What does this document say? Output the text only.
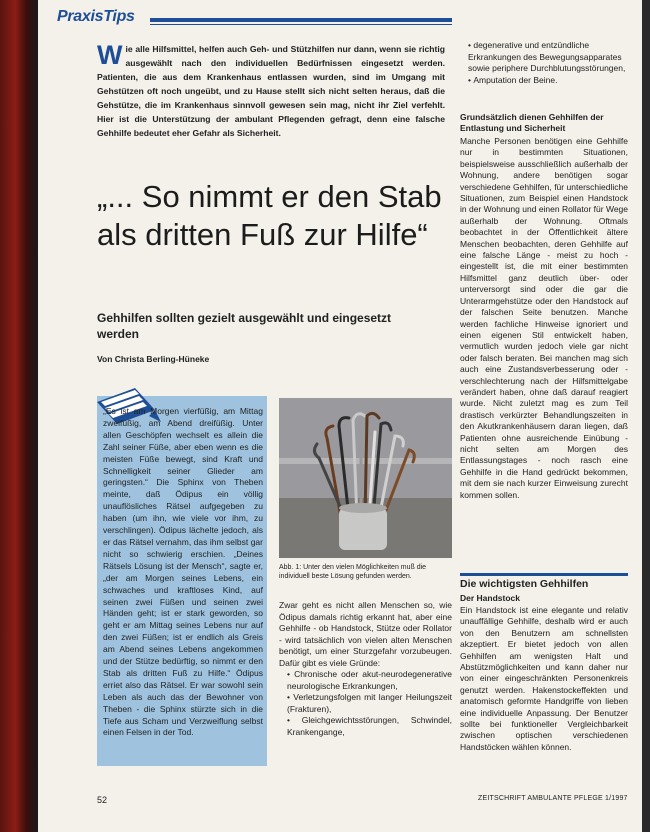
PraxisTips

Wie alle Hilfsmittel, helfen auch Geh- und Stützhilfen nur dann, wenn sie richtig ausgewählt nach den individuellen Bedürfnissen eingesetzt werden. Patienten, die aus dem Krankenhaus entlassen wurden, sind im Umgang mit Gehstützen oft noch ungeübt, und zu Hause stellt sich nicht selten heraus, daß die Gehstütze, die im Krankenhaus sinnvoll gewesen sein mag, nicht ihr Ziel verfehlt. Hier ist die Unterstützung der ambulant Pflegenden gefragt, denn eine falsche Gehhilfe bedeutet eher Gefahr als Sicherheit.

„... So nimmt er den Stab als dritten Fuß zur Hilfe“
Gehhilfen sollten gezielt ausgewählt und eingesetzt werden
Von Christa Berling-Hüneke

„Es ist am Morgen vierfüßig, am Mittag zweifüßig, am Abend dreifüßig. Unter allen Geschöpfen wechselt es allein die Zahl seiner Füße, aber eben wenn es die meisten Füße bewegt, sind Kraft und Schnelligkeit seiner Glieder am geringsten.“ Die Sphinx von Theben meinte, daß Ödipus ein völlig unauflösliches Rätsel aufgegeben zu haben (um ihn, wie viele vor ihm, zu verschlingen). Ödipus lächelte jedoch, als er das Rätsel vernahm, das ihm selbst gar nicht so schwierig erschien. „Deines Rätsels Lösung ist der Mensch“, sagte er, „der am Morgen seines Lebens, ein schwaches und kraftloses Kind, auf seinen zwei Füßen und seinen zwei Händen geht; ist er stark geworden, so geht er am Mittag seines Lebens nur auf den zwei Füßen; ist er endlich als Greis am Abend seines Lebens angekommen und der Stütze bedürftig, so nimmt er den Stab als dritten Fuß zu Hilfe.“ Ödipus erriet also das Rätsel. Er war sowohl sein Leben als auch das der Bewohner von Theben - die Sphinx stürzte sich in die Tiefe aus Scham und Verzweiflung selbst einen Felsen in der Tod.

Abb. 1: Unter den vielen Möglichkeiten muß die individuell beste Lösung gefunden werden.

Zwar geht es nicht allen Menschen so, wie Ödipus damals richtig erkannt hat, aber eine Gehhilfe - ob Handstock, Stütze oder Rollator - wird tatsächlich von vielen alten Menschen benötigt, um einer Sturzgefahr vorzubeugen. Dafür gibt es viele Gründe:

• Chronische oder akut-neurodegenerative neurologische Erkrankungen,
• Verletzungsfolgen mit langer Heilungszeit (Frakturen),
• Gleichgewichtsstörungen, Schwindel, Krankengange,
• degenerative und entzündliche Erkrankungen des Bewegungsapparates sowie periphere Durchblutungsstörungen,
• Amputation der Beine.
Grundsätzlich dienen Gehhilfen der Entlastung und Sicherheit

Manche Personen benötigen eine Gehhilfe nur in bestimmten Situationen, beispielsweise ausschließlich außerhalb der Wohnung, andere benötigen sogar verschiedene Gehhilfen, für unterschiedliche Situationen, zum Beispiel einen Handstock in der Wohnung und einen Rollator für Wege außerhalb der Wohnung. Oftmals beobachtet in der Öffentlichkeit ältere Menschen beobachten, deren Gehhilfe auf eine falsche Länge - meist zu hoch - eingestellt ist, die mit einer bestimmten Hilfsmittel ganz deutlich über- oder unterversorgt sind oder die gar die Unterarmgehstütze oder den Handstock auf der falschen Seite benutzen. Manche werden fachliche Hinweise ignoriert und einen eigenen Stil entwickelt haben, vermutlich wurden jedoch viele gar nicht oder falsch beraten. Bei manchen mag sich auch eine Zustandsverbesserung oder -verschlechterung nach der Hilfsmittelgabe verändert haben, ohne daß darauf reagiert wurde. Nicht zuletzt mag es zum Teil drastisch verkürzter Behandlungszeiten in den Akutkrankenhäusern daran liegen, daß Patienten ohne ausreichende Einübung - nicht selten am Morgen des Entlassungstages - noch rasch eine Gehhilfe in die Hand gedrückt bekommen, mit dem sie nach kurzer Einweisung zurecht kommen sollen.

Die wichtigsten Gehhilfen
Der Handstock

Ein Handstock ist eine elegante und relativ unauffällige Gehhilfe, deshalb wird er auch von den Benutzern am schnellsten akzeptiert. Er bietet jedoch von allen Gehhilfen am wenigsten Halt und Abstützmöglichkeiten und kann daher nur von einer eingeschränkten Personenkreis genutzt werden. Hakenstockeffekten und anatomisch geformte Handgriffe von lieben eine individuelle Anpassung. Der Benutzer sollte bei funktioneller Vergleichbarkeit zwischen optischen verschiedenen Handstöcken wählen können.

52	ZEITSCHRIFT AMBULANTE PFLEGE 1/1997
